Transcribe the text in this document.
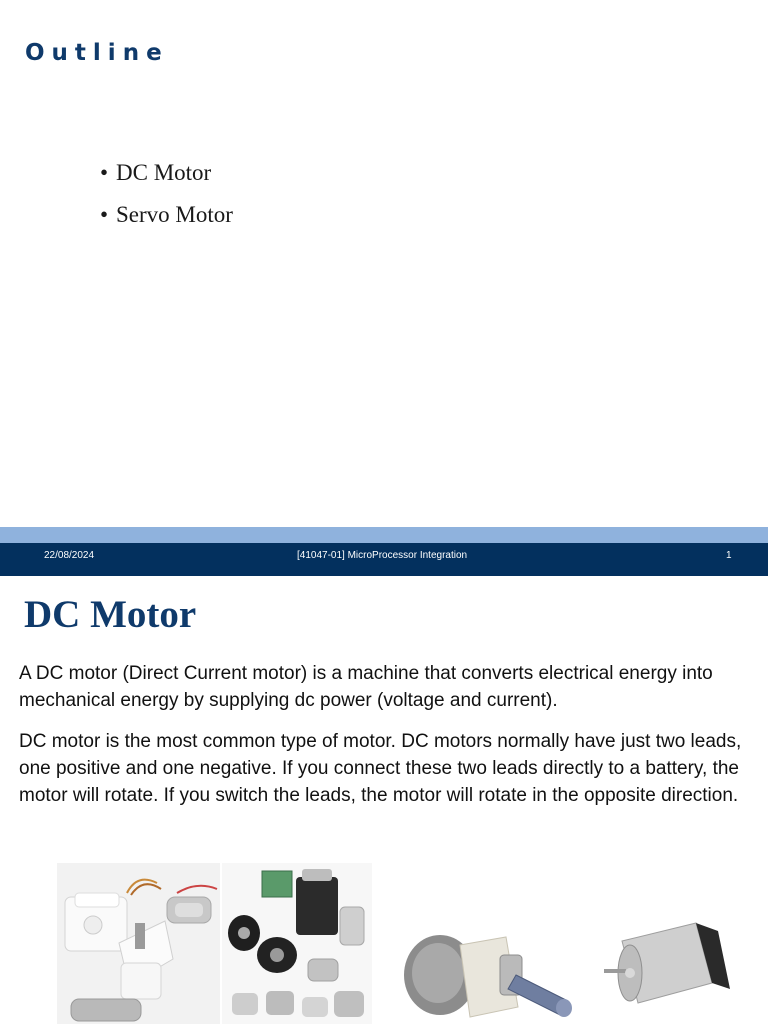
Outline
• DC Motor
• Servo Motor
22/08/2024	[41047-01] MicroProcessor Integration	1
DC Motor

A DC motor (Direct Current motor) is a machine that converts electrical energy into mechanical energy by supplying dc power (voltage and current).

DC motor is the most common type of motor. DC motors normally have just two leads, one positive and one negative. If you connect these two leads directly to a battery, the motor will rotate. If you switch the leads, the motor will rotate in the opposite direction.
